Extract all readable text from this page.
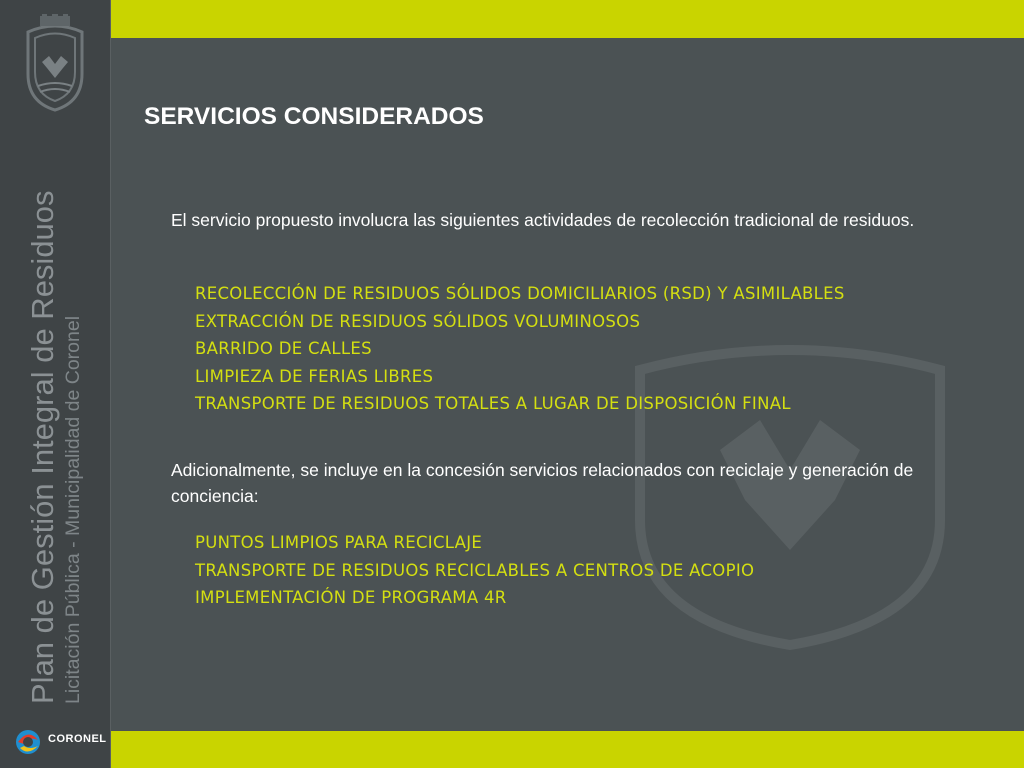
Plan de Gestión Integral de Residuos Licitación Pública - Municipalidad de Coronel
CORONEL
SERVICIOS CONSIDERADOS
El servicio propuesto involucra las siguientes actividades de recolección tradicional de residuos.
RECOLECCIÓN DE RESIDUOS SÓLIDOS DOMICILIARIOS (RSD) Y ASIMILABLES
EXTRACCIÓN DE RESIDUOS SÓLIDOS VOLUMINOSOS
BARRIDO DE CALLES
LIMPIEZA DE FERIAS LIBRES
TRANSPORTE DE RESIDUOS TOTALES A LUGAR DE DISPOSICIÓN FINAL
Adicionalmente, se incluye en la concesión servicios relacionados con reciclaje y generación de conciencia:
PUNTOS LIMPIOS PARA RECICLAJE
TRANSPORTE DE RESIDUOS RECICLABLES A CENTROS DE ACOPIO
IMPLEMENTACIÓN DE PROGRAMA 4R
